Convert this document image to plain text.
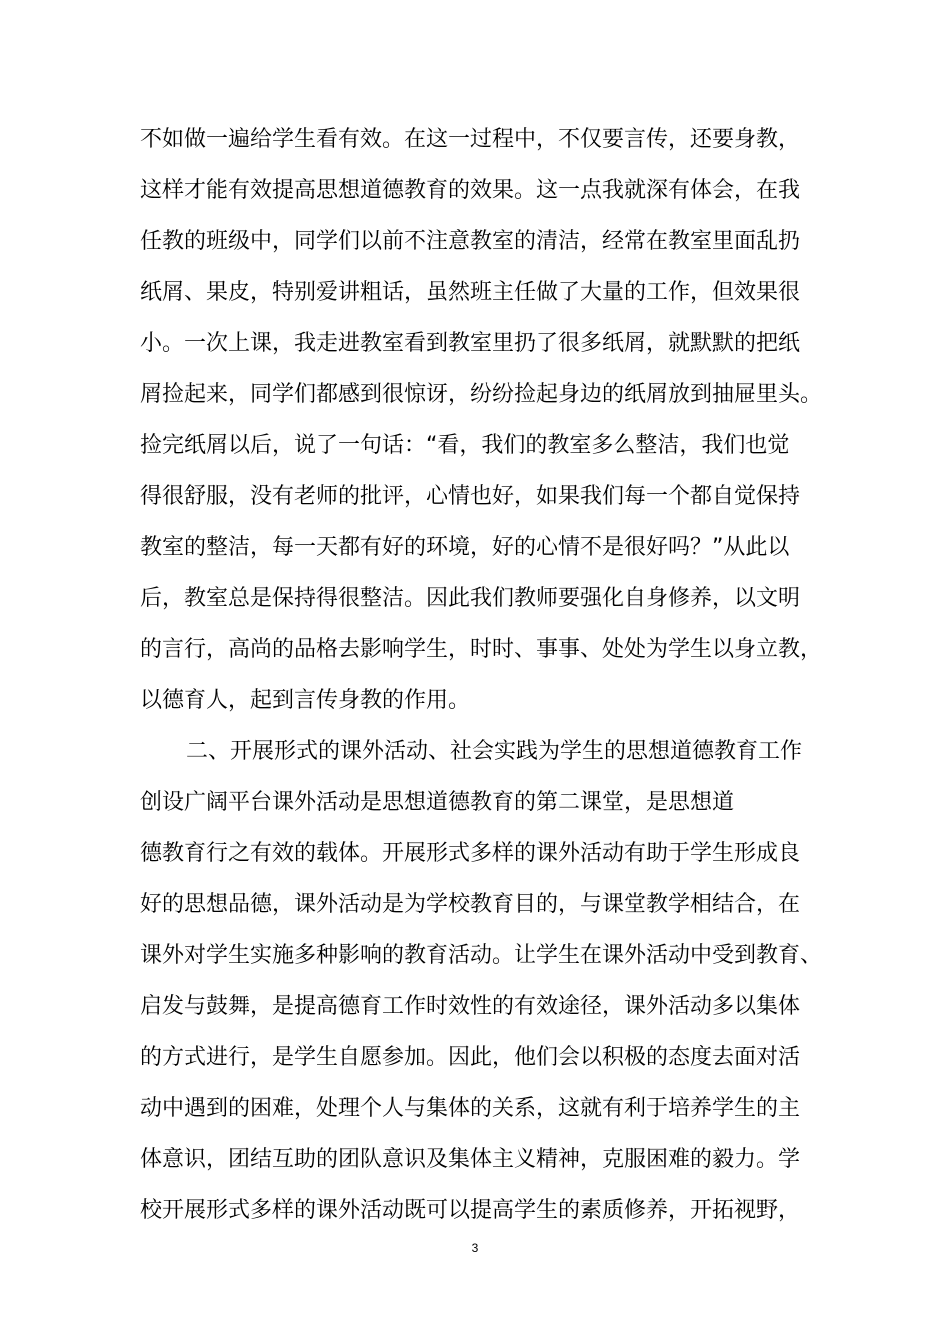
不如做一遍给学生看有效。在这一过程中，不仅要言传，还要身教，
这样才能有效提高思想道德教育的效果。这一点我就深有体会，在我
任教的班级中，同学们以前不注意教室的清洁，经常在教室里面乱扔
纸屑、果皮，特别爱讲粗话，虽然班主任做了大量的工作，但效果很
小。一次上课，我走进教室看到教室里扔了很多纸屑，就默默的把纸
屑捡起来，同学们都感到很惊讶，纷纷捡起身边的纸屑放到抽屉里头。
捡完纸屑以后，说了一句话：“看，我们的教室多么整洁，我们也觉
得很舒服，没有老师的批评，心情也好，如果我们每一个都自觉保持
教室的整洁，每一天都有好的环境，好的心情不是很好吗？”从此以
后，教室总是保持得很整洁。因此我们教师要强化自身修养，以文明
的言行，高尚的品格去影响学生，时时、事事、处处为学生以身立教，
以德育人，起到言传身教的作用。
二、开展形式的课外活动、社会实践为学生的思想道德教育工作
创设广阔平台课外活动是思想道德教育的第二课堂，是思想道
德教育行之有效的载体。开展形式多样的课外活动有助于学生形成良
好的思想品德，课外活动是为学校教育目的，与课堂教学相结合，在
课外对学生实施多种影响的教育活动。让学生在课外活动中受到教育、
启发与鼓舞，是提高德育工作时效性的有效途径，课外活动多以集体
的方式进行，是学生自愿参加。因此，他们会以积极的态度去面对活
动中遇到的困难，处理个人与集体的关系，这就有利于培养学生的主
体意识，团结互助的团队意识及集体主义精神，克服困难的毅力。学
校开展形式多样的课外活动既可以提高学生的素质修养，开拓视野，
3
